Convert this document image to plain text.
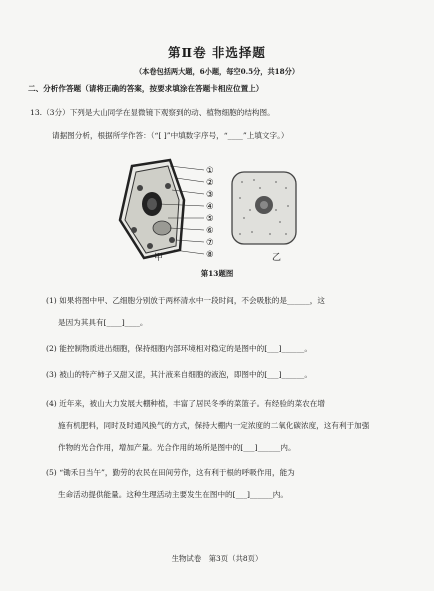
第Ⅱ卷 非选择题
（本卷包括两大题，6小题，每空0.5分，共18分）
二、分析作答题（请将正确的答案，按要求填涂在答题卡相应位置上）
13.（3分）下列是大山同学在显微镜下观察到的动、植物细胞的结构图。
请据图分析，根据所学作答：（“[ ]”中填数字序号，“____”上填文字。）
①
②
③
④
⑤
⑥
⑦
⑧
甲	乙
第13题图
(1) 如果将图中甲、乙细胞分别放于两杯清水中一段时间，不会吸胀的是______，这
是因为其具有[____]____。
(2) 能控制物质进出细胞，保持细胞内部环境相对稳定的是图中的[___]______。
(3) 被山的特产柿子又甜又涩，其汁液来自细胞的液泡，即图中的[___]______。
(4) 近年来，被山大力发展大棚种植，丰富了居民冬季的菜篮子。有经验的菜农在增
施有机肥料，同时及时通风换气的方式，保持大棚内一定浓度的二氧化碳浓度，这有利于加强
作物的光合作用，增加产量。光合作用的场所是图中的[___]______内。
(5) “锄禾日当午”，勤劳的农民在田间劳作，这有利于根的呼吸作用，能为
生命活动提供能量。这种生理活动主要发生在图中的[___]______内。
生物试卷　第3页（共8页）
